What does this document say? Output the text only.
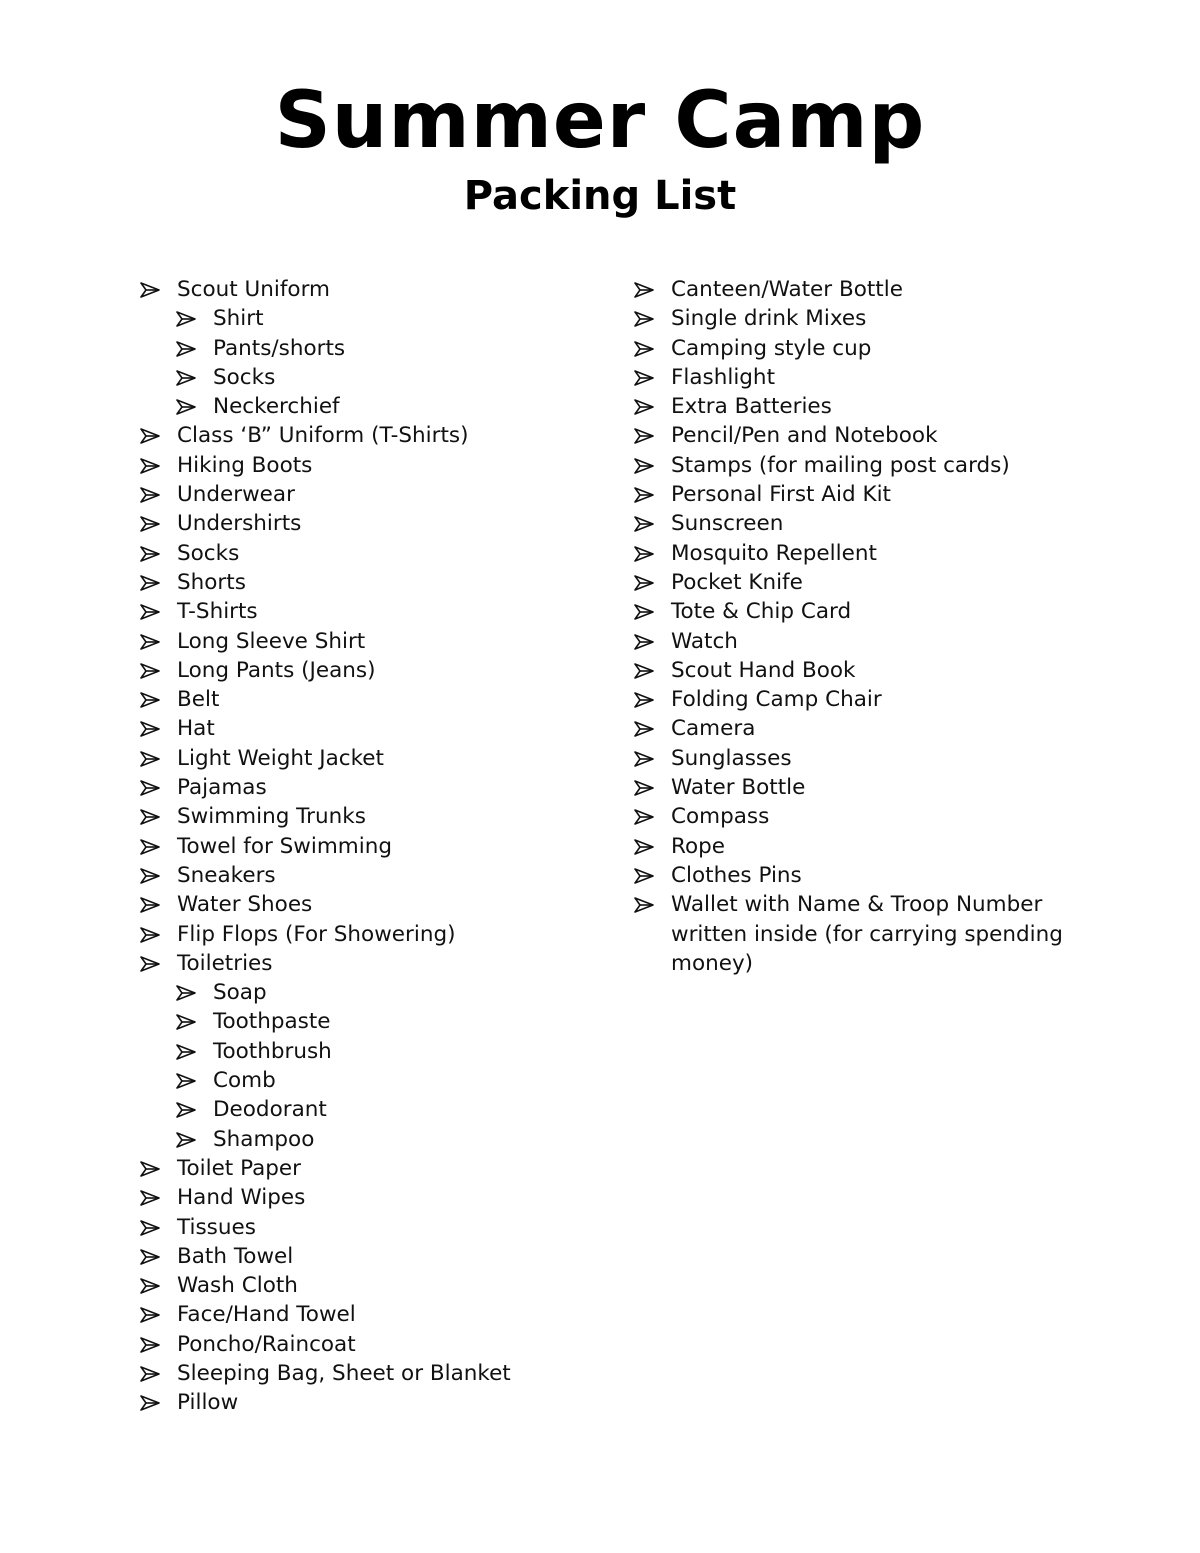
Summer Camp
Packing List
Scout Uniform
Shirt
Pants/shorts
Socks
Neckerchief
Class ‘B” Uniform (T-Shirts)
Hiking Boots
Underwear
Undershirts
Socks
Shorts
T-Shirts
Long Sleeve Shirt
Long Pants (Jeans)
Belt
Hat
Light Weight Jacket
Pajamas
Swimming Trunks
Towel for Swimming
Sneakers
Water Shoes
Flip Flops (For Showering)
Toiletries
Soap
Toothpaste
Toothbrush
Comb
Deodorant
Shampoo
Toilet Paper
Hand Wipes
Tissues
Bath Towel
Wash Cloth
Face/Hand Towel
Poncho/Raincoat
Sleeping Bag, Sheet or Blanket
Pillow
Canteen/Water Bottle
Single drink Mixes
Camping style cup
Flashlight
Extra Batteries
Pencil/Pen and Notebook
Stamps (for mailing post cards)
Personal First Aid Kit
Sunscreen
Mosquito Repellent
Pocket Knife
Tote & Chip Card
Watch
Scout Hand Book
Folding Camp Chair
Camera
Sunglasses
Water Bottle
Compass
Rope
Clothes Pins
Wallet with Name & Troop Number written inside (for carrying spending money)
